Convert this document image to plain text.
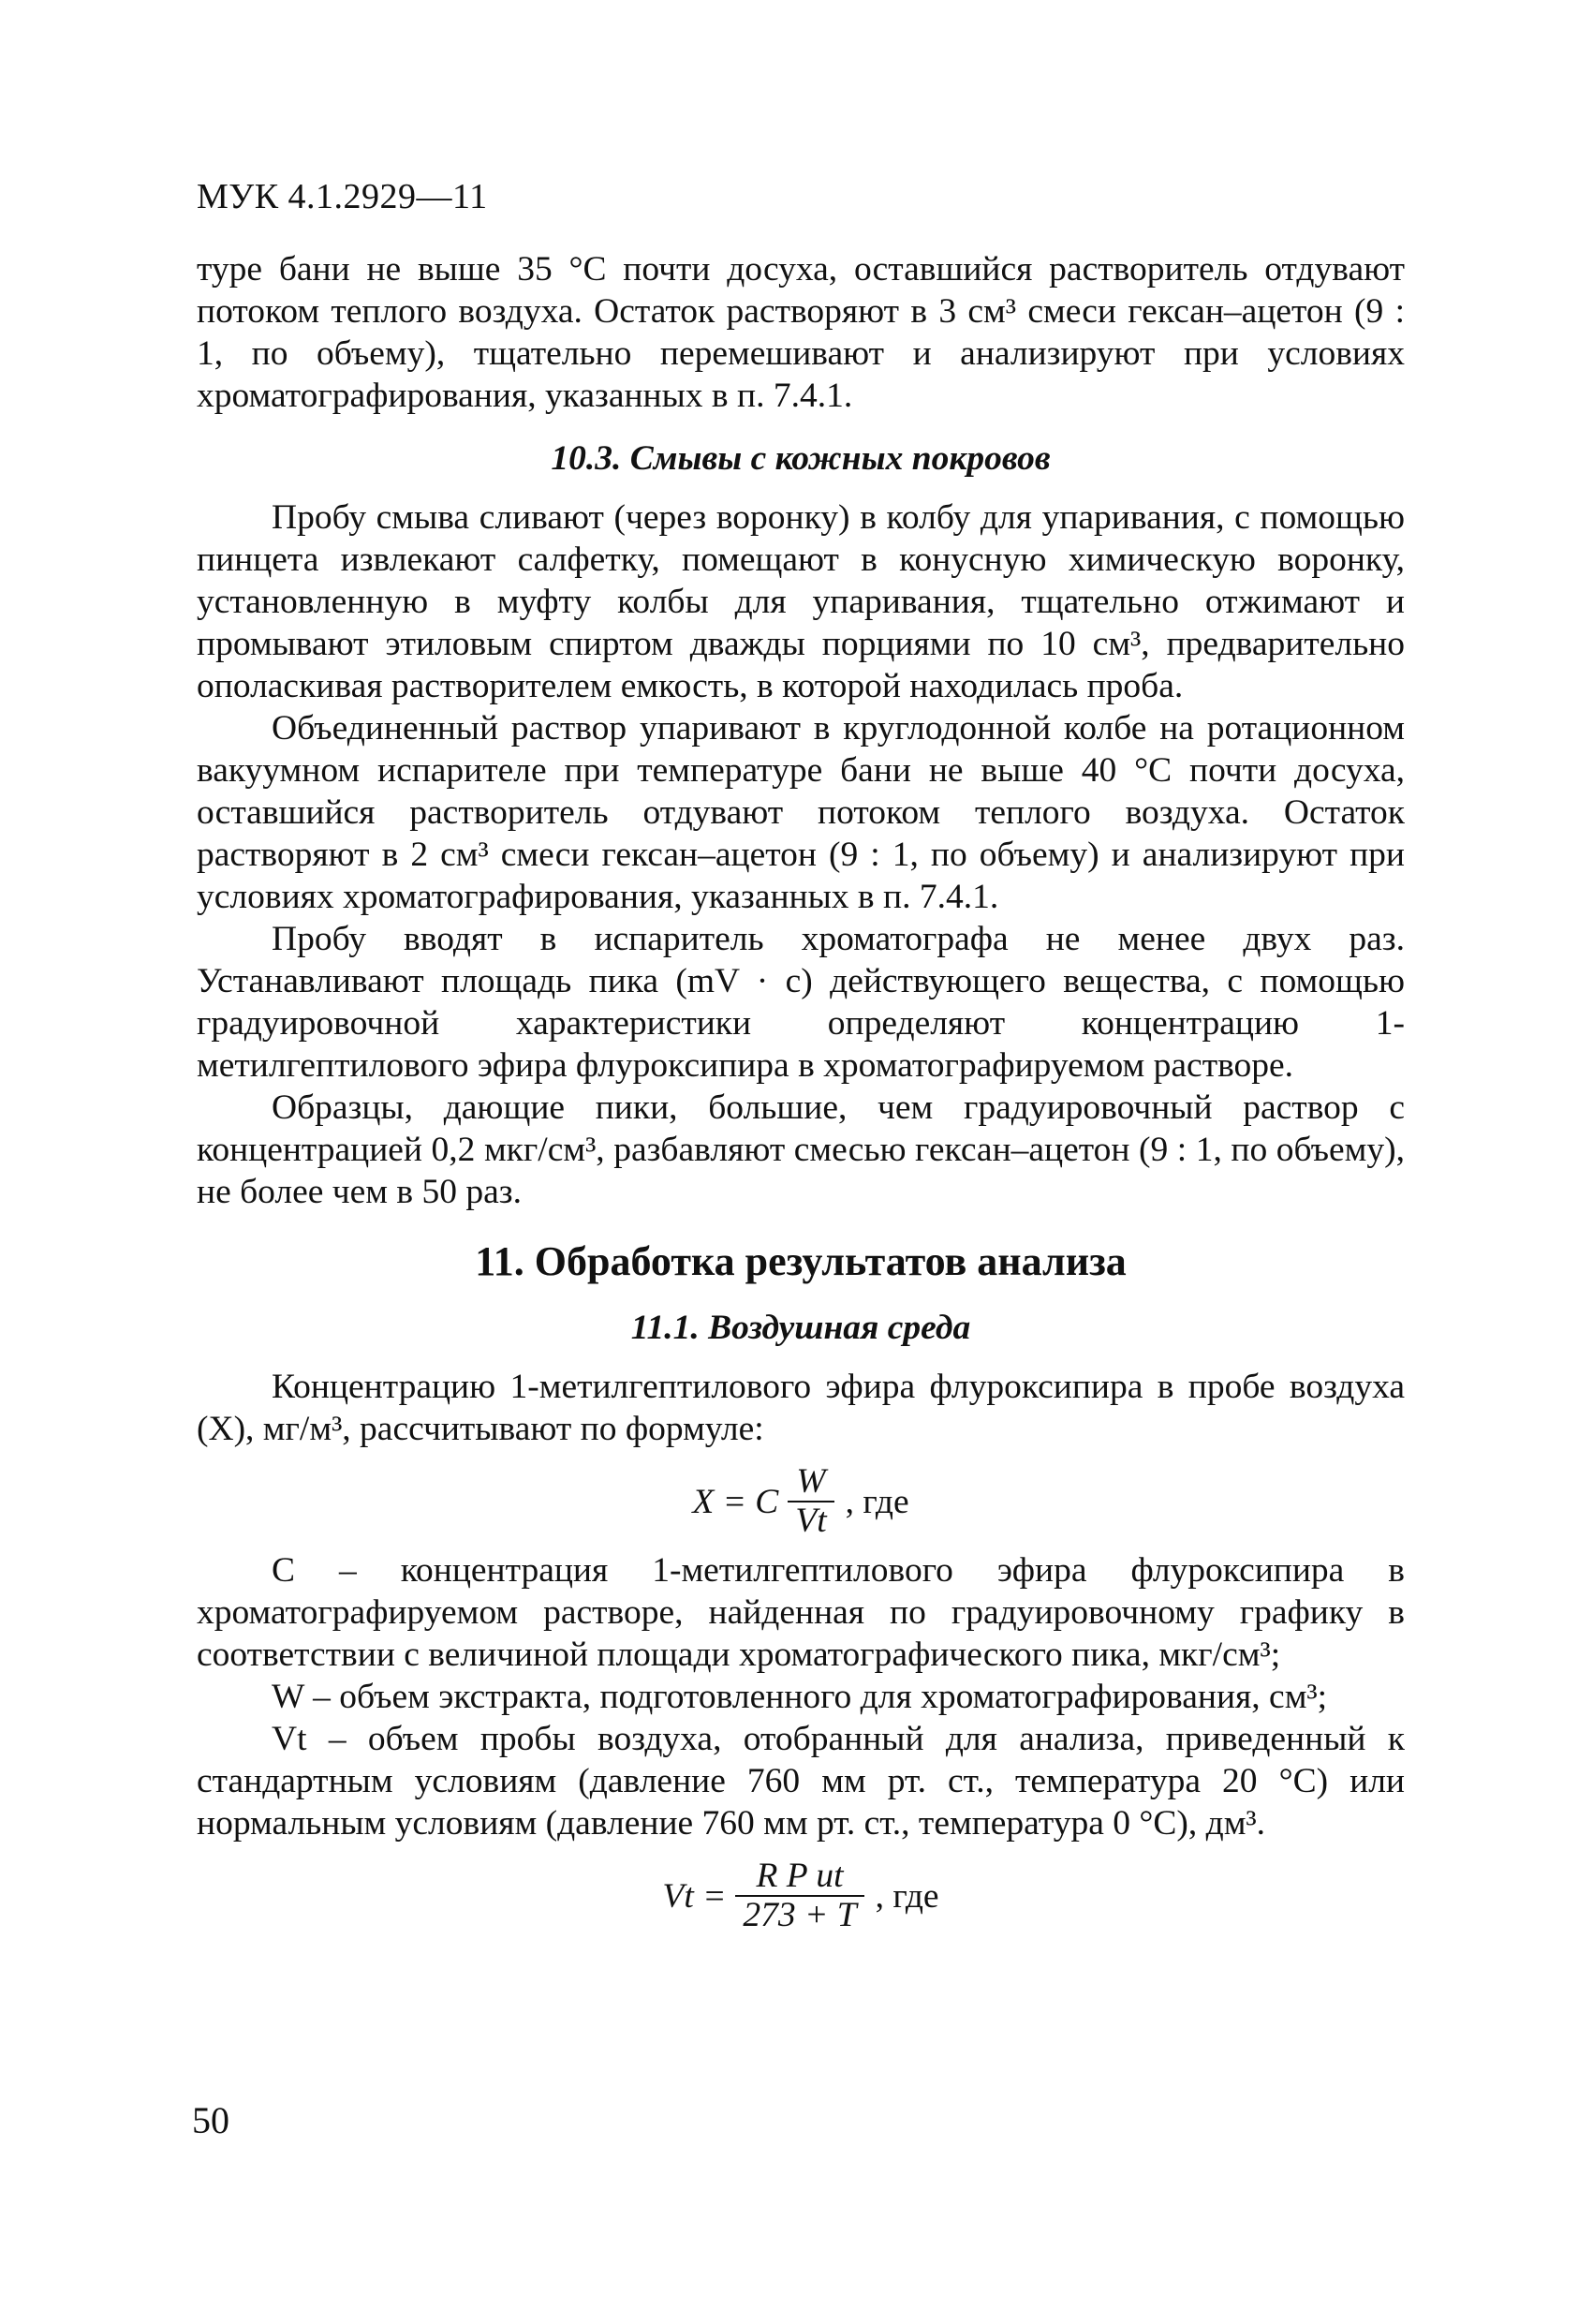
МУК 4.1.2929—11

туре бани не выше 35 °С почти досуха, оставшийся растворитель отдувают потоком теплого воздуха. Остаток растворяют в 3 см³ смеси гексан–ацетон (9 : 1, по объему), тщательно перемешивают и анализируют при условиях хроматографирования, указанных в п. 7.4.1.

10.3. Смывы с кожных покровов

Пробу смыва сливают (через воронку) в колбу для упаривания, с помощью пинцета извлекают салфетку, помещают в конусную химическую воронку, установленную в муфту колбы для упаривания, тщательно отжимают и промывают этиловым спиртом дважды порциями по 10 см³, предварительно ополаскивая растворителем емкость, в которой находилась проба.

Объединенный раствор упаривают в круглодонной колбе на ротационном вакуумном испарителе при температуре бани не выше 40 °С почти досуха, оставшийся растворитель отдувают потоком теплого воздуха. Остаток растворяют в 2 см³ смеси гексан–ацетон (9 : 1, по объему) и анализируют при условиях хроматографирования, указанных в п. 7.4.1.

Пробу вводят в испаритель хроматографа не менее двух раз. Устанавливают площадь пика (mV · c) действующего вещества, с помощью градуировочной характеристики определяют концентрацию 1-метилгептилового эфира флуроксипира в хроматографируемом растворе.

Образцы, дающие пики, большие, чем градуировочный раствор с концентрацией 0,2 мкг/см³, разбавляют смесью гексан–ацетон (9 : 1, по объему), не более чем в 50 раз.

11. Обработка результатов анализа

11.1. Воздушная среда

Концентрацию 1-метилгептилового эфира флуроксипира в пробе воздуха (X), мг/м³, рассчитывают по формуле:

X = C $\frac{W}{Vt}$ , где

C – концентрация 1-метилгептилового эфира флуроксипира в хроматографируемом растворе, найденная по градуировочному графику в соответствии с величиной площади хроматографического пика, мкг/см³;

W – объем экстракта, подготовленного для хроматографирования, см³;

Vt – объем пробы воздуха, отобранный для анализа, приведенный к стандартным условиям (давление 760 мм рт. ст., температура 20 °С) или нормальным условиям (давление 760 мм рт. ст., температура 0 °С), дм³.

$Vt = \frac{\text{R P ut}}{273 + T}$ , где
50
